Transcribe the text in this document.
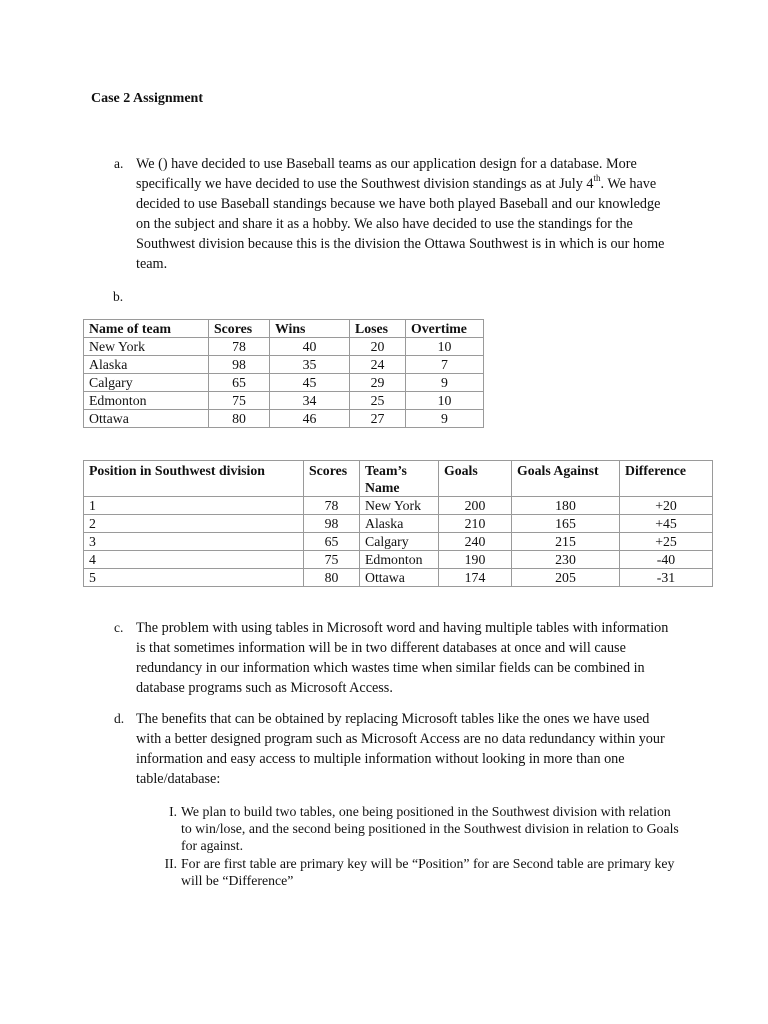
Case 2 Assignment
a. We () have decided to use Baseball teams as our application design for a database. More specifically we have decided to use the Southwest division standings as at July 4th. We have decided to use Baseball standings because we have both played Baseball and our knowledge on the subject and share it as a hobby. We also have decided to use the standings for the Southwest division because this is the division the Ottawa Southwest is in which is our home team.
b.
Name of team	Scores	Wins	Loses	Overtime
New York	78	40	20	10
Alaska	98	35	24	7
Calgary	65	45	29	9
Edmonton	75	34	25	10
Ottawa	80	46	27	9
Position in Southwest division	Scores	Team’s Name	Goals	Goals Against	Difference
1	78	New York	200	180	+20
2	98	Alaska	210	165	+45
3	65	Calgary	240	215	+25
4	75	Edmonton	190	230	-40
5	80	Ottawa	174	205	-31
c. The problem with using tables in Microsoft word and having multiple tables with information is that sometimes information will be in two different databases at once and will cause redundancy in our information which wastes time when similar fields can be combined in database programs such as Microsoft Access.
d. The benefits that can be obtained by replacing Microsoft tables like the ones we have used with a better designed program such as Microsoft Access are no data redundancy within your information and easy access to multiple information without looking in more than one table/database:
I. We plan to build two tables, one being positioned in the Southwest division with relation to win/lose, and the second being positioned in the Southwest division in relation to Goals for against.
II. For are first table are primary key will be “Position” for are Second table are primary key will be “Difference”
